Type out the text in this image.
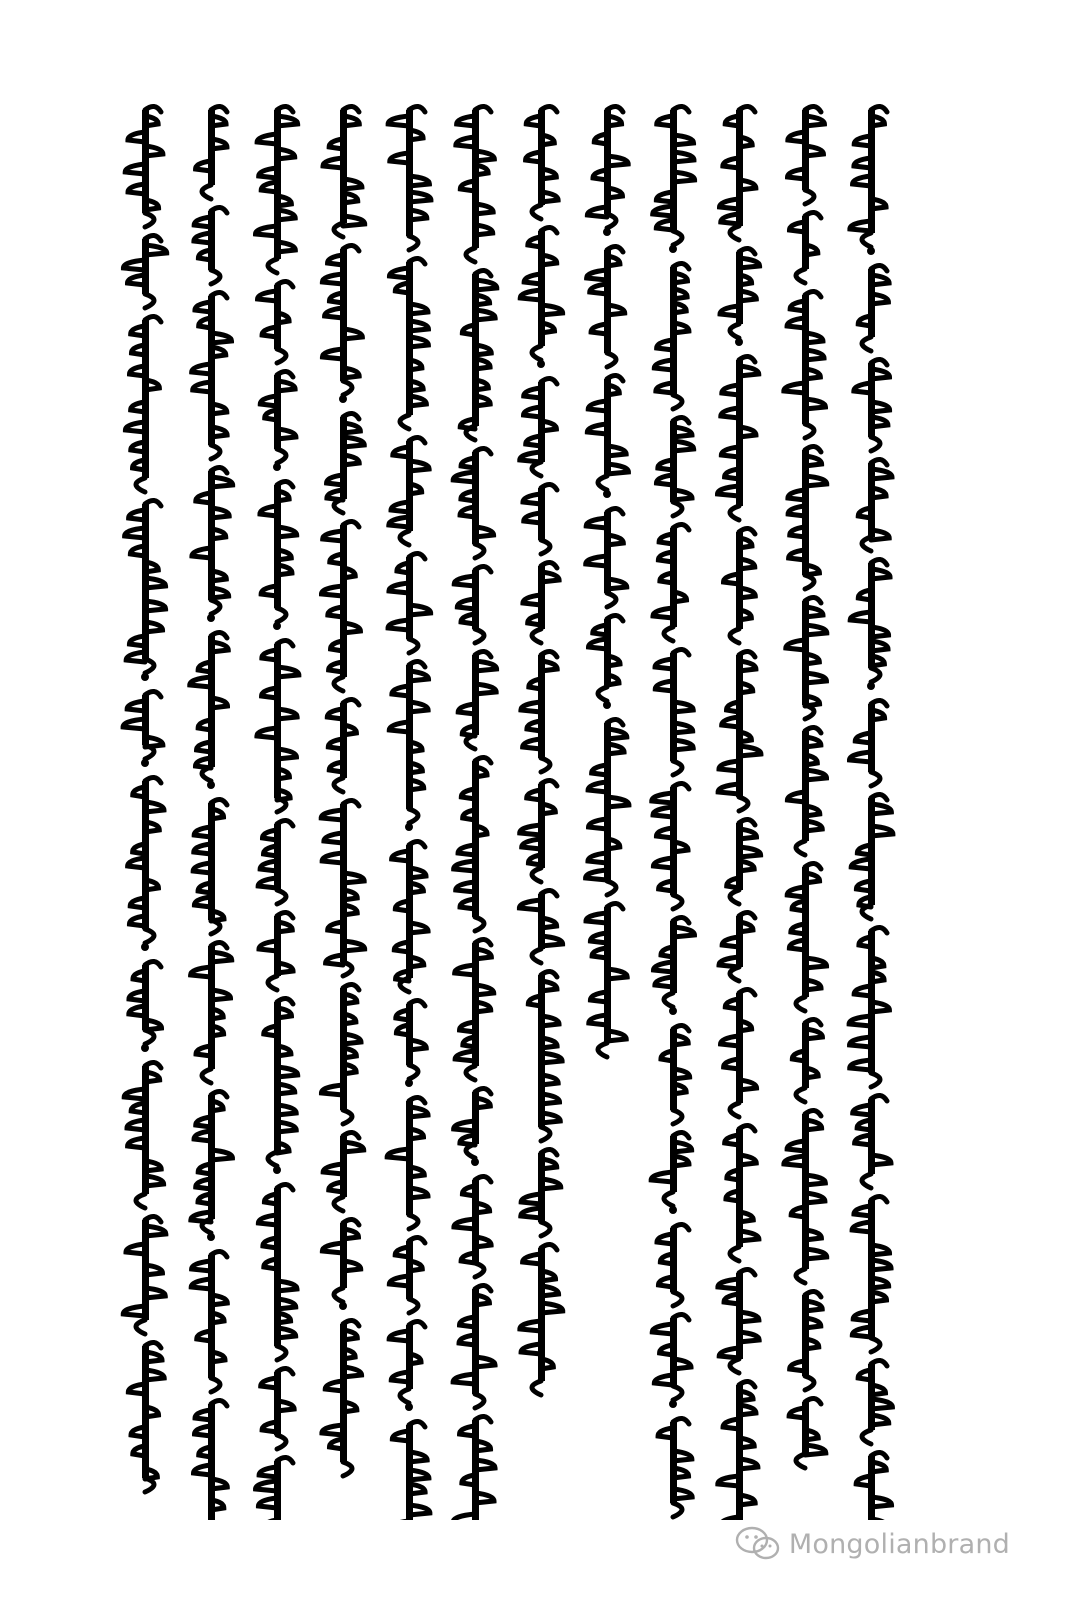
Mongolianbrand
